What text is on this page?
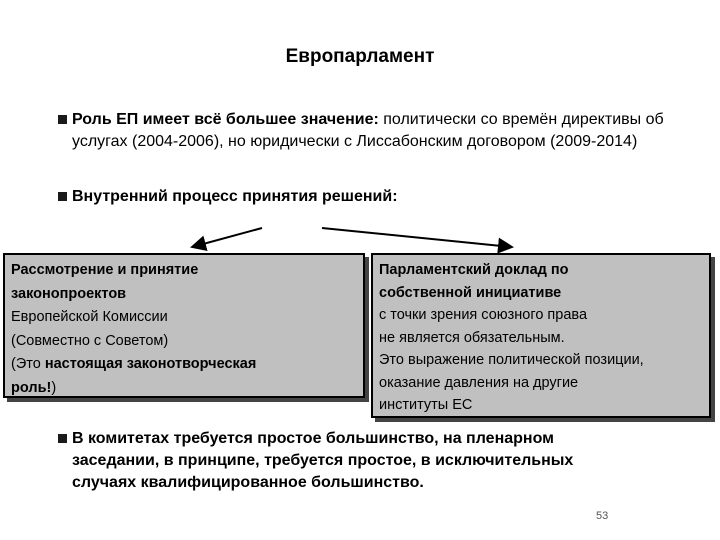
Европарламент
Роль ЕП имеет всё большее значение: политически со времён директивы об услугах (2004-2006), но юридически с Лиссабонским договором (2009-2014)
Внутренний процесс принятия решений:
Рассмотрение и принятие
законопроектов
Европейской Комиссии
(Совместно с Советом)
(Это настоящая законотворческая
роль!)
Парламентский доклад по
собственной инициативе
с точки зрения союзного права
не является обязательным.
Это выражение политической позиции,
оказание давления на другие
институты ЕС
В комитетах требуется простое большинство, на пленарном заседании, в принципе, требуется простое, в исключительных случаях квалифицированное большинство.
53
